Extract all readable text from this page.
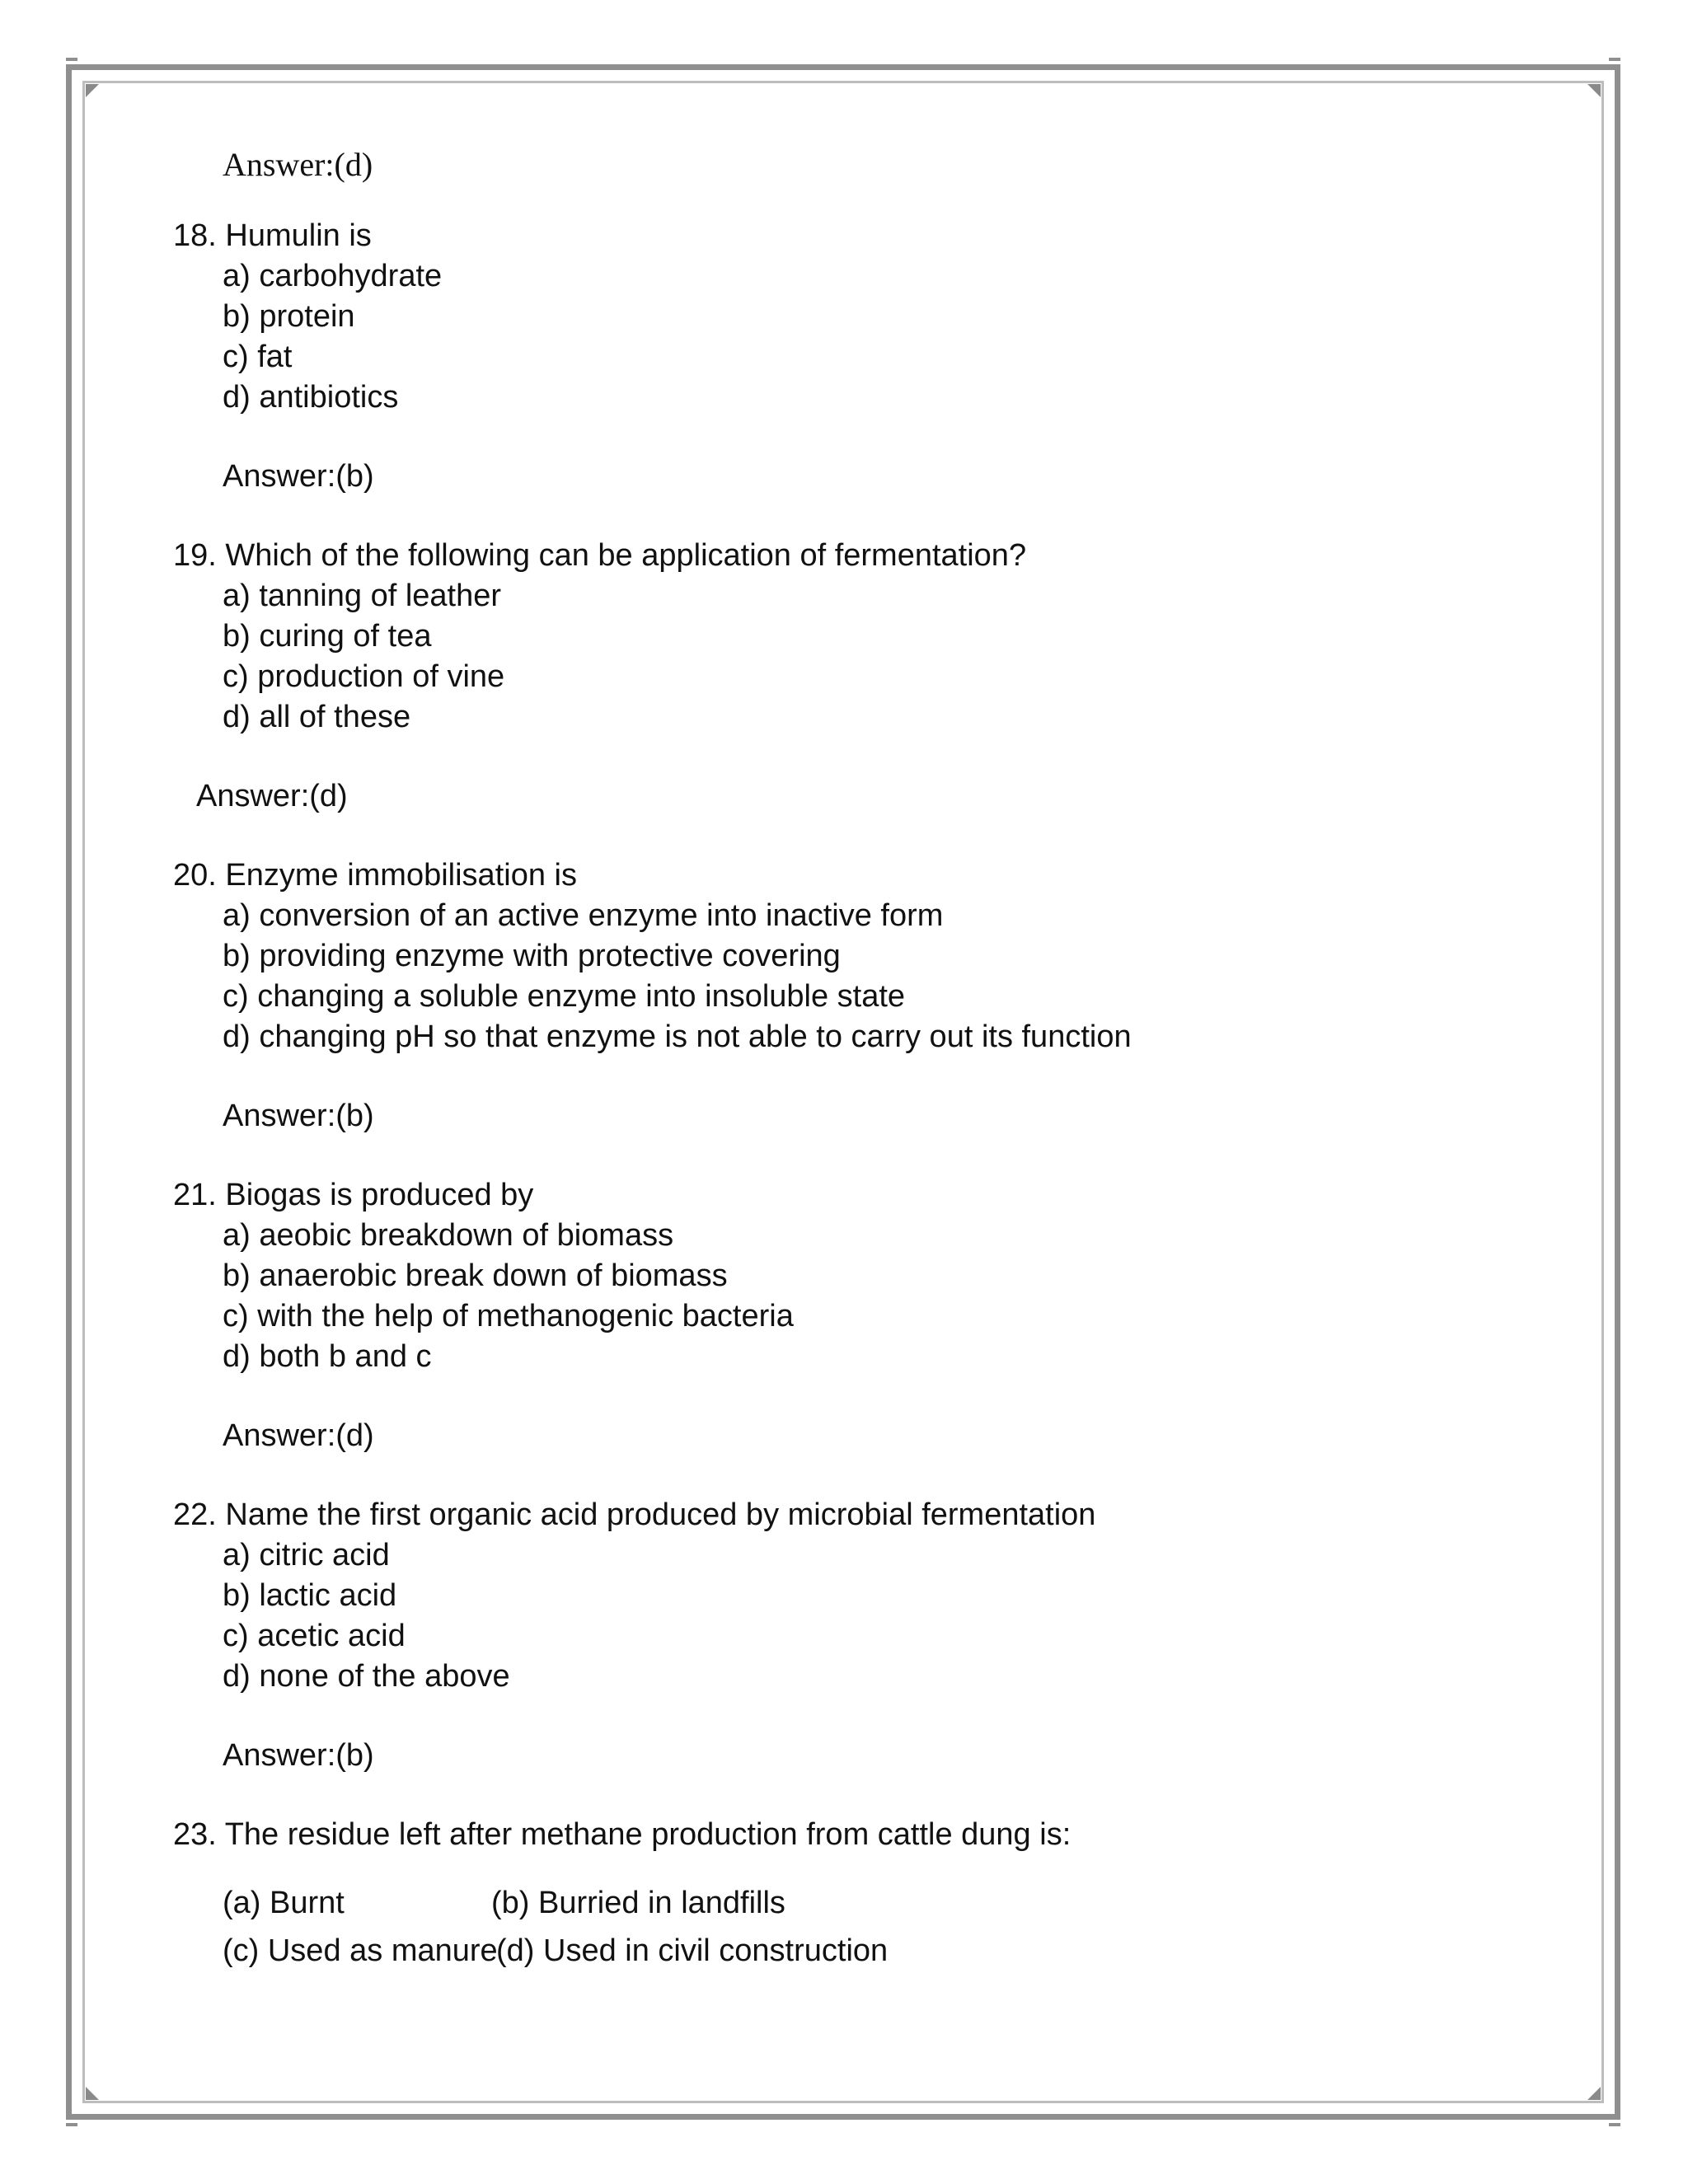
Answer:(d)
18. Humulin is
a) carbohydrate
b) protein
c) fat
d) antibiotics
Answer:(b)
19. Which of the following can be application of fermentation?
a) tanning of leather
b) curing of tea
c) production of vine
d) all of these
Answer:(d)
20. Enzyme immobilisation is
a) conversion of an active enzyme into inactive form
b) providing enzyme with protective covering
c) changing a soluble enzyme into insoluble state
d) changing pH so that enzyme is not able to carry out its function
Answer:(b)
21. Biogas is produced by
a) aeobic breakdown of biomass
b) anaerobic break down of biomass
c) with the help of methanogenic bacteria
d) both b and c
Answer:(d)
22. Name the first organic acid produced by microbial fermentation
a) citric acid
b) lactic acid
c) acetic acid
d) none of the above
Answer:(b)
23. The residue left after methane production from cattle dung is:
(a) Burnt	(b) Burried in landfills
(c) Used as manure
(d) Used in civil construction
